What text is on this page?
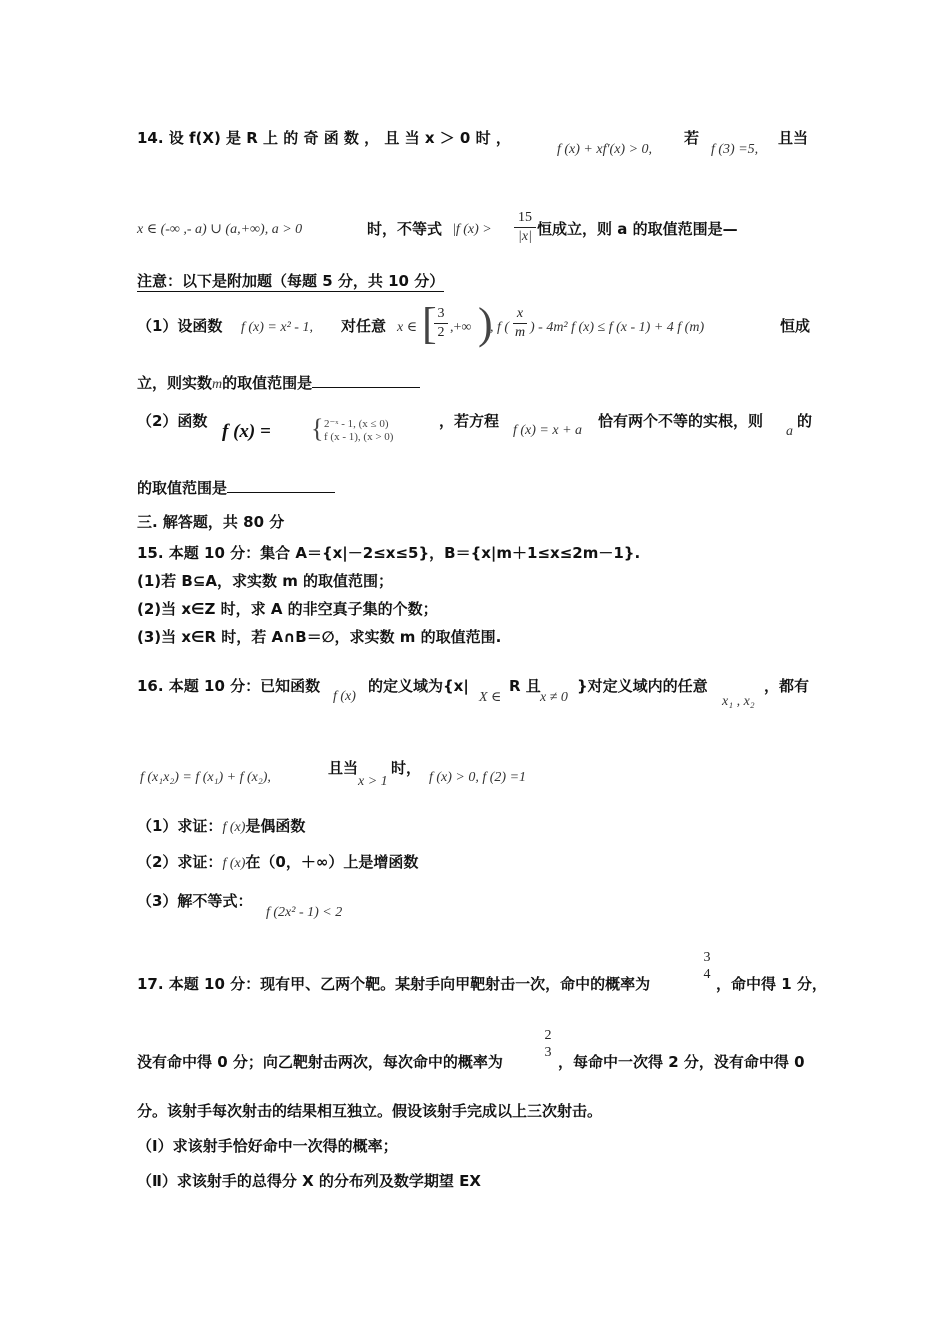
14. 设 f(X) 是 R 上 的 奇 函 数 ， 且 当 x ＞ 0 时 ，
f (x) + xf′(x) > 0,
若
f (3) =5,
且当
x ∈ (-∞ ,- a) ∪ (a,+∞), a > 0	时，不等式 |f (x) >
15
|x| 恒成立，则 a 的取值范围是—
注意：以下是附加题（每题 5 分，共 10 分）
（1）设函数 f (x) = x² - 1, 对任意 x ∈ [ 3
2 ,+∞ )
, f (
x
m ) - 4m² f (x) ≤ f (x - 1) + 4 f (m)	恒成
立，则实数m的取值范围是
（2）函数 f (x) = { 2⁻ˣ - 1, (x ≤ 0)
f (x - 1), (x > 0)
，若方程
f (x) = x + a
恰有两个不等的实根，则
a
的
的取值范围是
三. 解答题，共 80 分
15. 本题 10 分：集合 A＝{x|－2≤x≤5}，B＝{x|m＋1≤x≤2m－1}.
(1)若 B⊆A，求实数 m 的取值范围；
(2)当 x∈Z 时，求 A 的非空真子集的个数；
(3)当 x∈R 时，若 A∩B＝∅，求实数 m 的取值范围.
16. 本题 10 分：已知函数
f (x)
的定义域为{x|
X ∈
R 且
x ≠ 0
}对定义域内的任意
x₁ , x₂
，都有
f (x₁x₂) = f (x₁) + f (x₂),
且当
x > 1
时，
f (x) > 0, f (2) =1
（1）求证：f (x)是偶函数
（2）求证：f (x)在（0，＋∞）上是增函数
（3）解不等式：
f (2x² - 1) < 2
17. 本题 10 分：现有甲、乙两个靶。某射手向甲靶射击一次，命中的概率为
3
4
，命中得 1 分，
没有命中得 0 分；向乙靶射击两次，每次命中的概率为
2
3
，每命中一次得 2 分，没有命中得 0
分。该射手每次射击的结果相互独立。假设该射手完成以上三次射击。
（Ⅰ）求该射手恰好命中一次得的概率；
（Ⅱ）求该射手的总得分 X 的分布列及数学期望 EX
